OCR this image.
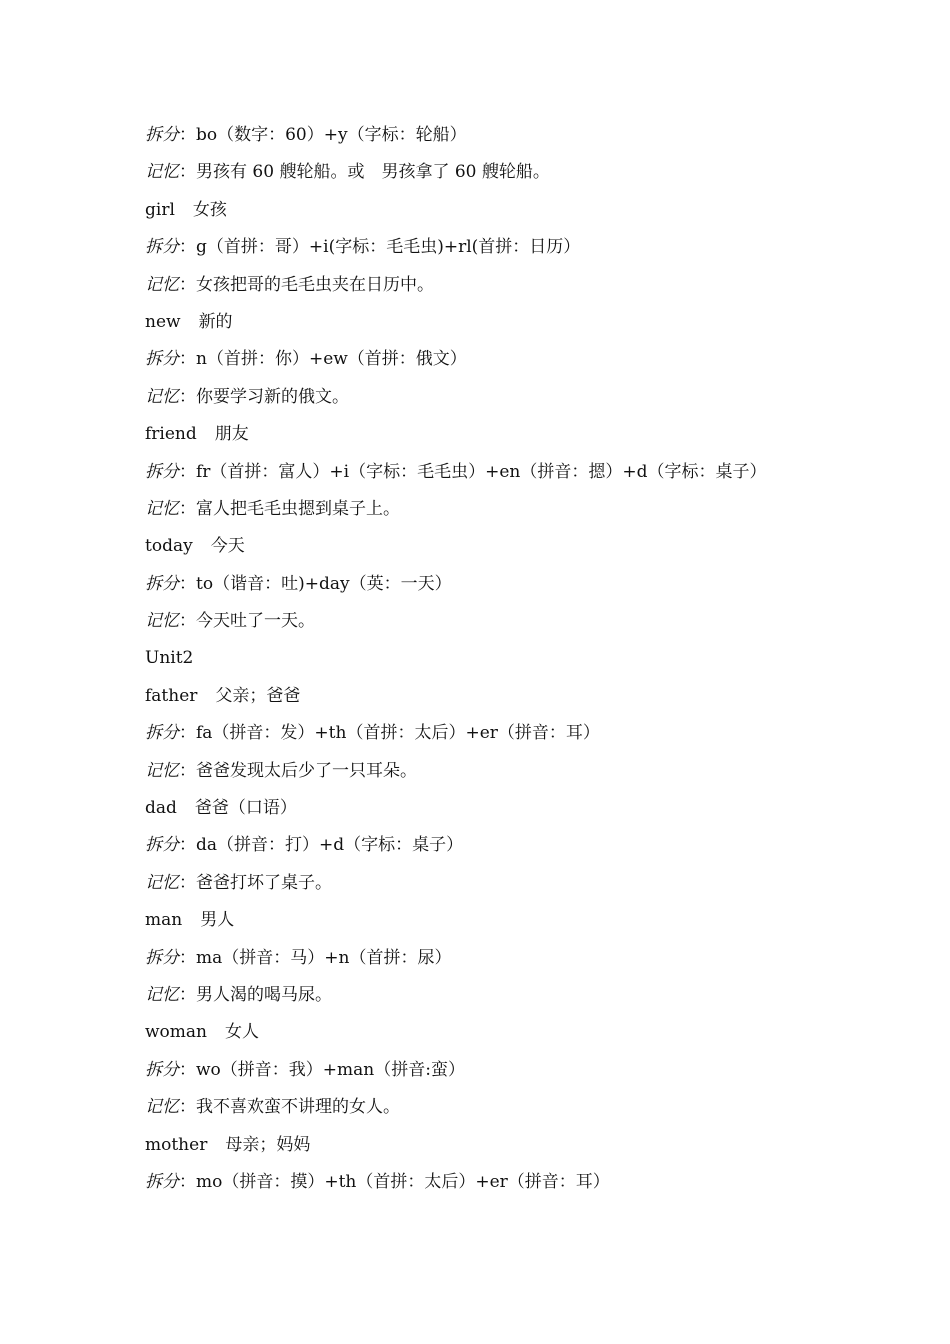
拆分：bo（数字：60）+y（字标：轮船）
记忆：男孩有 60 艘轮船。或　男孩拿了 60 艘轮船。
girl 女孩
拆分：g（首拼：哥）+i(字标：毛毛虫)+rl(首拼：日历）
记忆：女孩把哥的毛毛虫夹在日历中。
new 新的
拆分：n（首拼：你）+ew（首拼：俄文）
记忆：你要学习新的俄文。
friend 朋友
拆分：fr（首拼：富人）+i（字标：毛毛虫）+en（拼音：摁）+d（字标：桌子）
记忆：富人把毛毛虫摁到桌子上。
today 今天
拆分：to（谐音：吐)+day（英：一天）
记忆：今天吐了一天。
Unit2
father 父亲；爸爸
拆分：fa（拼音：发）+th（首拼：太后）+er（拼音：耳）
记忆：爸爸发现太后少了一只耳朵。
dad 爸爸（口语）
拆分：da（拼音：打）+d（字标：桌子）
记忆：爸爸打坏了桌子。
man 男人
拆分：ma（拼音：马）+n（首拼：尿）
记忆：男人渴的喝马尿。
woman 女人
拆分：wo（拼音：我）+man（拼音:蛮）
记忆：我不喜欢蛮不讲理的女人。
mother 母亲；妈妈
拆分：mo（拼音：摸）+th（首拼：太后）+er（拼音：耳）
